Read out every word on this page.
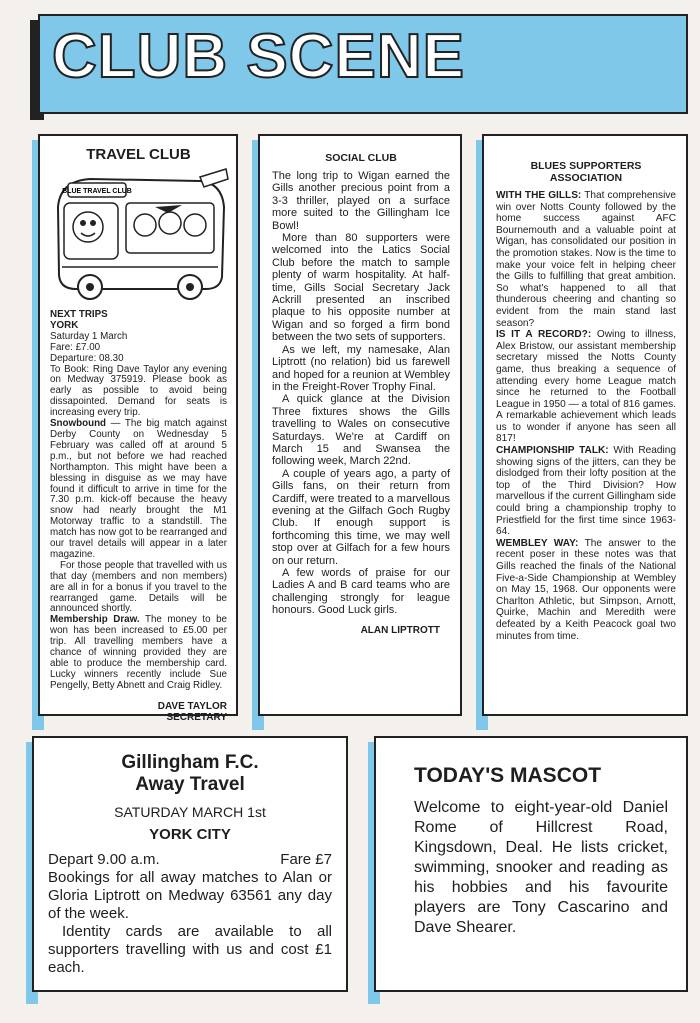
CLUB SCENE
TRAVEL CLUB
BLUE TRAVEL CLUB
NEXT TRIPS
YORK
Saturday 1 March
Fare: £7.00
Departure: 08.30

To Book: Ring Dave Taylor any evening on Medway 375919. Please book as early as possible to avoid being dissapointed. Demand for seats is increasing every trip.

Snowbound — The big match against Derby County on Wednesday 5 February was called off at around 5 p.m., but not before we had reached Northampton. This might have been a blessing in disguise as we may have found it difficult to arrive in time for the 7.30 p.m. kick-off because the heavy snow had nearly brought the M1 Motorway traffic to a standstill. The match has now got to be rearranged and our travel details will appear in a later magazine.

For those people that travelled with us that day (members and non members) are all in for a bonus if you travel to the rearranged game. Details will be announced shortly.

Membership Draw. The money to be won has been increased to £5.00 per trip. All travelling members have a chance of winning provided they are able to produce the membership card. Lucky winners recently include Sue Pengelly, Betty Abnett and Craig Ridley.

DAVE TAYLOR
SECRETARY
SOCIAL CLUB

The long trip to Wigan earned the Gills another precious point from a 3-3 thriller, played on a surface more suited to the Gillingham Ice Bowl!

More than 80 supporters were welcomed into the Latics Social Club before the match to sample plenty of warm hospitality. At half-time, Gills Social Secretary Jack Ackrill presented an inscribed plaque to his opposite number at Wigan and so forged a firm bond between the two sets of supporters.

As we left, my namesake, Alan Liptrott (no relation) bid us farewell and hoped for a reunion at Wembley in the Freight-Rover Trophy Final.

A quick glance at the Division Three fixtures shows the Gills travelling to Wales on consecutive Saturdays. We're at Cardiff on March 15 and Swansea the following week, March 22nd.

A couple of years ago, a party of Gills fans, on their return from Cardiff, were treated to a marvellous evening at the Gilfach Goch Rugby Club. If enough support is forthcoming this time, we may well stop over at Gilfach for a few hours on our return.

A few words of praise for our Ladies A and B card teams who are challenging strongly for league honours. Good Luck girls.

ALAN LIPTROTT
BLUES SUPPORTERS
ASSOCIATION

WITH THE GILLS: That comprehensive win over Notts County followed by the home success against AFC Bournemouth and a valuable point at Wigan, has consolidated our position in the promotion stakes. Now is the time to make your voice felt in helping cheer the Gills to fulfilling that great ambition. So what's happened to all that thunderous cheering and chanting so evident from the main stand last season?

IS IT A RECORD?: Owing to illness, Alex Bristow, our assistant membership secretary missed the Notts County game, thus breaking a sequence of attending every home League match since he returned to the Football League in 1950 — a total of 816 games. A remarkable achievement which leads us to wonder if anyone has seen all 817!

CHAMPIONSHIP TALK: With Reading showing signs of the jitters, can they be dislodged from their lofty position at the top of the Third Division? How marvellous if the current Gillingham side could bring a championship trophy to Priestfield for the first time since 1963-64.

WEMBLEY WAY: The answer to the recent poser in these notes was that Gills reached the finals of the National Five-a-Side Championship at Wembley on May 15, 1968. Our opponents were Charlton Athletic, but Simpson, Arnott, Quirke, Machin and Meredith were defeated by a Keith Peacock goal two minutes from time.

Gillingham F.C.
Away Travel
SATURDAY MARCH 1st
YORK CITY
Depart 9.00 a.m.	Fare £7

Bookings for all away matches to Alan or Gloria Liptrott on Medway 63561 any day of the week.

Identity cards are available to all supporters travelling with us and cost £1 each.

TODAY'S MASCOT

Welcome to eight-year-old Daniel Rome of Hillcrest Road, Kingsdown, Deal. He lists cricket, swimming, snooker and reading as his hobbies and his favourite players are Tony Cascarino and Dave Shearer.
